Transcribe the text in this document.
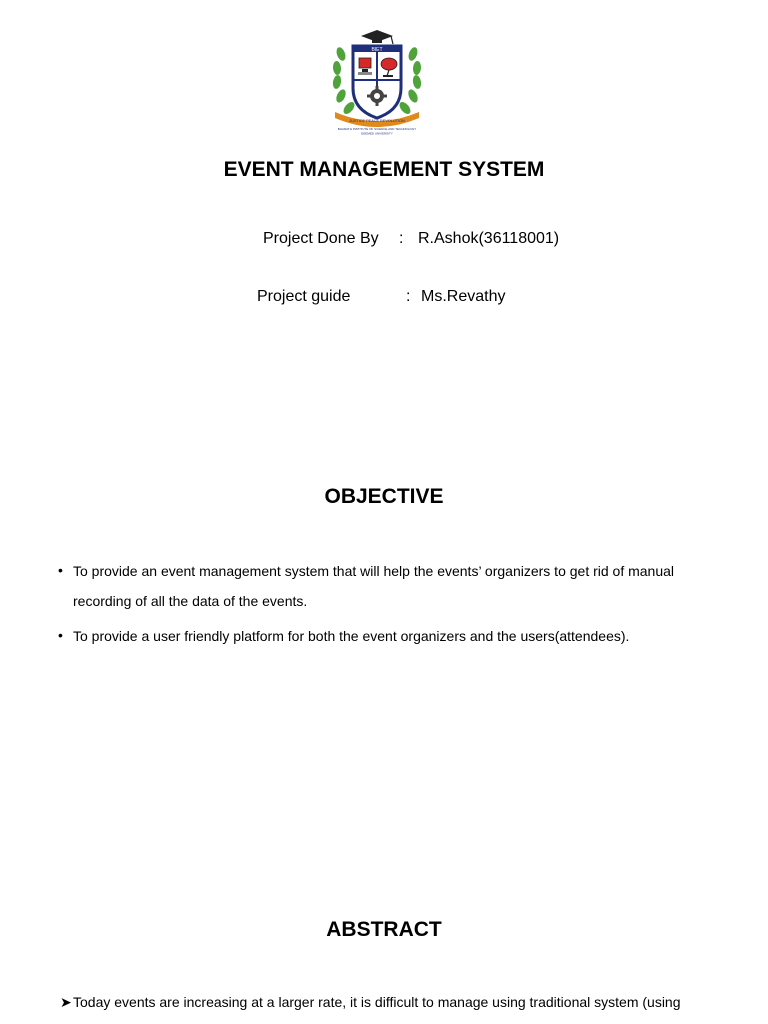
BIET
JUSTICE PEACE REVOLUTION
BHARATH INSTITUTE OF SCIENCE AND TECHNOLOGY
DEEMED UNIVERSITY
EVENT MANAGEMENT SYSTEM
Project Done By : R.Ashok(36118001)
Project guide	: Ms.Revathy
OBJECTIVE
• To provide an event management system that will help the events’ organizers to get rid of manual
recording of all the data of the events.
• To provide a user friendly platform for both the event organizers and the users(attendees).
ABSTRACT
➤ Today events are increasing at a larger rate, it is difficult to manage using traditional system (using
